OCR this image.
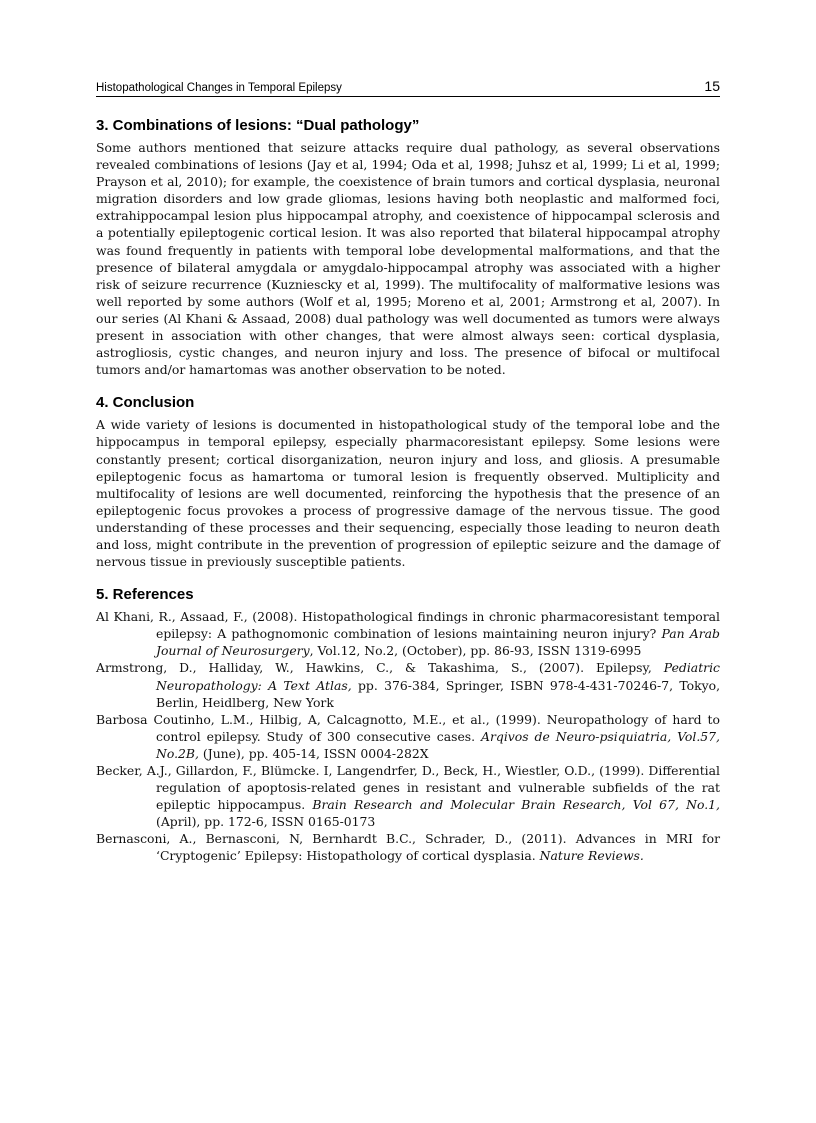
Histopathological Changes in Temporal Epilepsy	15
3. Combinations of lesions: “Dual pathology”

Some authors mentioned that seizure attacks require dual pathology, as several observations revealed combinations of lesions (Jay et al, 1994; Oda et al, 1998; Juhsz et al, 1999; Li et al, 1999; Prayson et al, 2010); for example, the coexistence of brain tumors and cortical dysplasia, neuronal migration disorders and low grade gliomas, lesions having both neoplastic and malformed foci, extrahippocampal lesion plus hippocampal atrophy, and coexistence of hippocampal sclerosis and a potentially epileptogenic cortical lesion. It was also reported that bilateral hippocampal atrophy was found frequently in patients with temporal lobe developmental malformations, and that the presence of bilateral amygdala or amygdalo-hippocampal atrophy was associated with a higher risk of seizure recurrence (Kuzniescky et al, 1999). The multifocality of malformative lesions was well reported by some authors (Wolf et al, 1995; Moreno et al, 2001; Armstrong et al, 2007). In our series (Al Khani & Assaad, 2008) dual pathology was well documented as tumors were always present in association with other changes, that were almost always seen: cortical dysplasia, astrogliosis, cystic changes, and neuron injury and loss. The presence of bifocal or multifocal tumors and/or hamartomas was another observation to be noted.

4. Conclusion

A wide variety of lesions is documented in histopathological study of the temporal lobe and the hippocampus in temporal epilepsy, especially pharmacoresistant epilepsy. Some lesions were constantly present; cortical disorganization, neuron injury and loss, and gliosis. A presumable epileptogenic focus as hamartoma or tumoral lesion is frequently observed. Multiplicity and multifocality of lesions are well documented, reinforcing the hypothesis that the presence of an epileptogenic focus provokes a process of progressive damage of the nervous tissue. The good understanding of these processes and their sequencing, especially those leading to neuron death and loss, might contribute in the prevention of progression of epileptic seizure and the damage of nervous tissue in previously susceptible patients.

5. References

Al Khani, R., Assaad, F., (2008). Histopathological findings in chronic pharmacoresistant temporal epilepsy: A pathognomonic combination of lesions maintaining neuron injury? Pan Arab Journal of Neurosurgery, Vol.12, No.2, (October), pp. 86-93, ISSN 1319-6995

Armstrong, D., Halliday, W., Hawkins, C., & Takashima, S., (2007). Epilepsy, Pediatric Neuropathology: A Text Atlas, pp. 376-384, Springer, ISBN 978-4-431-70246-7, Tokyo, Berlin, Heidlberg, New York

Barbosa Coutinho, L.M., Hilbig, A, Calcagnotto, M.E., et al., (1999). Neuropathology of hard to control epilepsy. Study of 300 consecutive cases. Arqivos de Neuro-psiquiatria, Vol.57, No.2B, (June), pp. 405-14, ISSN 0004-282X

Becker, A.J., Gillardon, F., Blümcke. I, Langendrfer, D., Beck, H., Wiestler, O.D., (1999). Differential regulation of apoptosis-related genes in resistant and vulnerable subfields of the rat epileptic hippocampus. Brain Research and Molecular Brain Research, Vol 67, No.1, (April), pp. 172-6, ISSN 0165-0173

Bernasconi, A., Bernasconi, N, Bernhardt B.C., Schrader, D., (2011). Advances in MRI for ‘Cryptogenic’ Epilepsy: Histopathology of cortical dysplasia. Nature Reviews.
